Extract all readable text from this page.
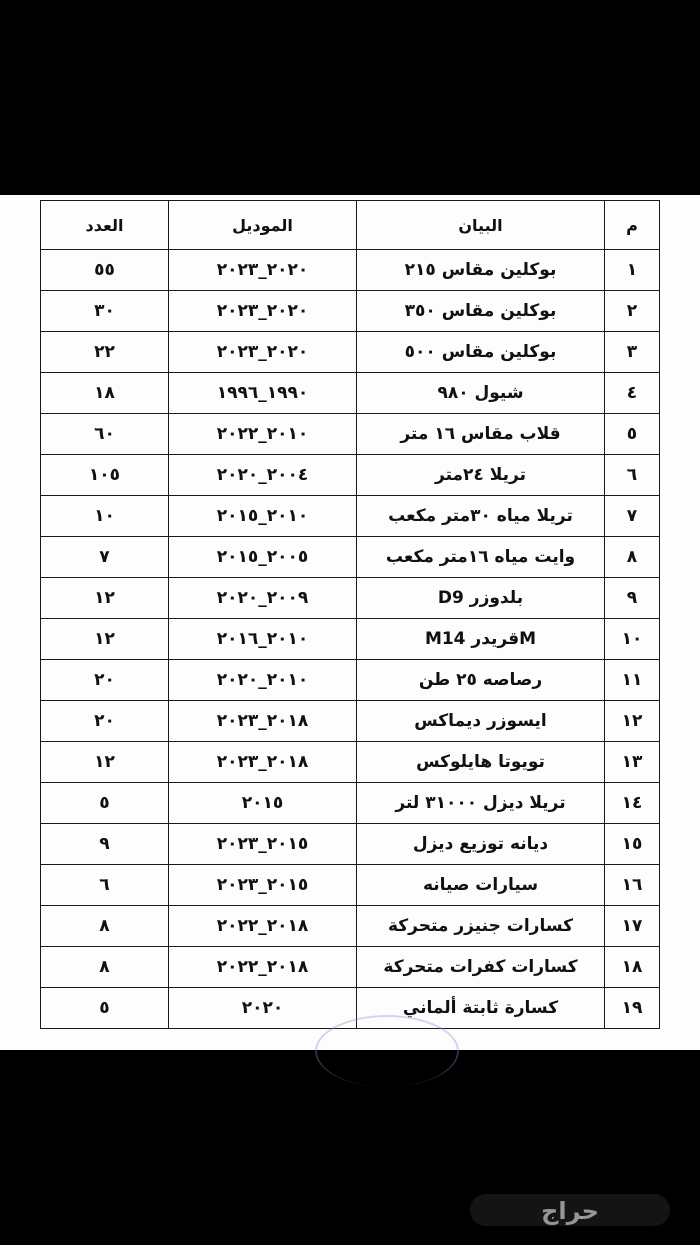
م	البيان	الموديل	العدد
١	بوكلين مقاس ٢١٥	٢٠٢٠_٢٠٢٣	٥٥
٢	بوكلين مقاس ٣٥٠	٢٠٢٠_٢٠٢٣	٣٠
٣	بوكلين مقاس ٥٠٠	٢٠٢٠_٢٠٢٣	٢٢
٤	شيول ٩٨٠	١٩٩٠_١٩٩٦	١٨
٥	قلاب مقاس ١٦ متر	٢٠١٠_٢٠٢٢	٦٠
٦	تريلا ٢٤متر	٢٠٠٤_٢٠٢٠	١٠٥
٧	تريلا مياه ٣٠متر مكعب	٢٠١٠_٢٠١٥	١٠
٨	وايت مياه ١٦متر مكعب	٢٠٠٥_٢٠١٥	٧
٩	بلدوزر D9	٢٠٠٩_٢٠٢٠	١٢
١٠	Mقريدر M14	٢٠١٠_٢٠١٦	١٢
١١	رصاصه ٢٥ طن	٢٠١٠_٢٠٢٠	٢٠
١٢	ايسوزر ديماكس	٢٠١٨_٢٠٢٣	٢٠
١٣	تويوتا هايلوكس	٢٠١٨_٢٠٢٣	١٢
١٤	تريلا ديزل ٣١٠٠٠ لتر	٢٠١٥	٥
١٥	ديانه توزيع ديزل	٢٠١٥_٢٠٢٣	٩
١٦	سيارات صيانه	٢٠١٥_٢٠٢٣	٦
١٧	كسارات جنيزر متحركة	٢٠١٨_٢٠٢٢	٨
١٨	كسارات كفرات متحركة	٢٠١٨_٢٠٢٢	٨
١٩	كسارة ثابتة ألماني	٢٠٢٠	٥
حراج
